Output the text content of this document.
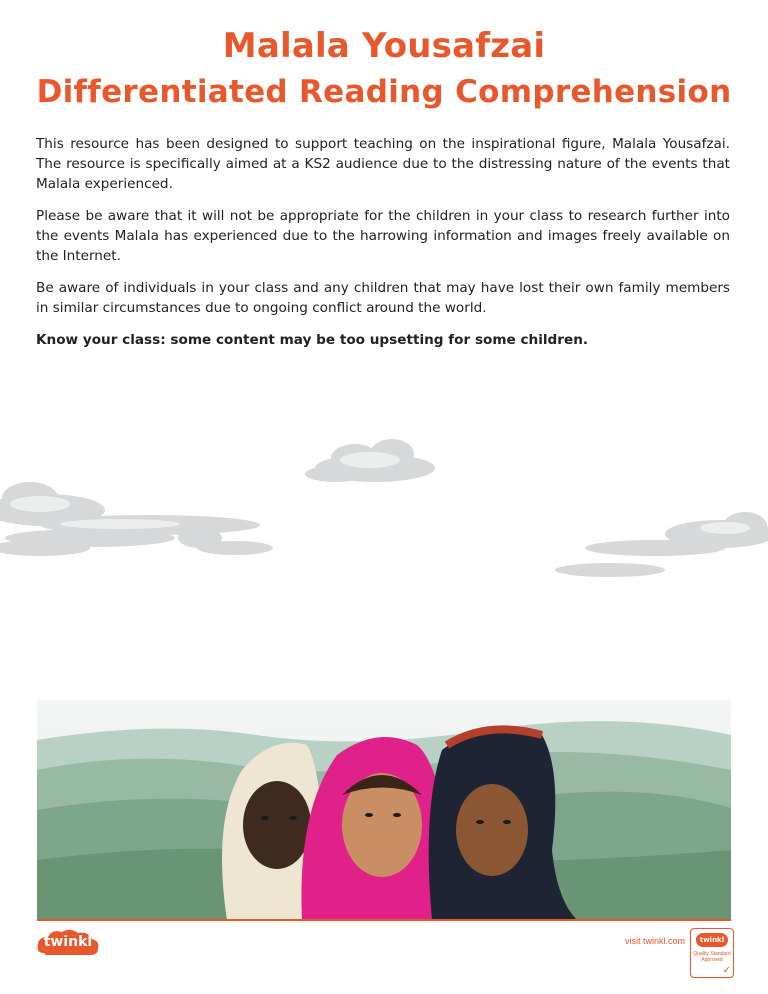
Malala Yousafzai
Differentiated Reading Comprehension

This resource has been designed to support teaching on the inspirational figure, Malala Yousafzai. The resource is specifically aimed at a KS2 audience due to the distressing nature of the events that Malala experienced.

Please be aware that it will not be appropriate for the children in your class to research further into the events Malala has experienced due to the harrowing information and images freely available on the Internet.

Be aware of individuals in your class and any children that may have lost their own family members in similar circumstances due to ongoing conflict around the world.

Know your class: some content may be too upsetting for some children.

twinkl	visit twinkl.com	twinkl
Quality Standard Approved
✓
